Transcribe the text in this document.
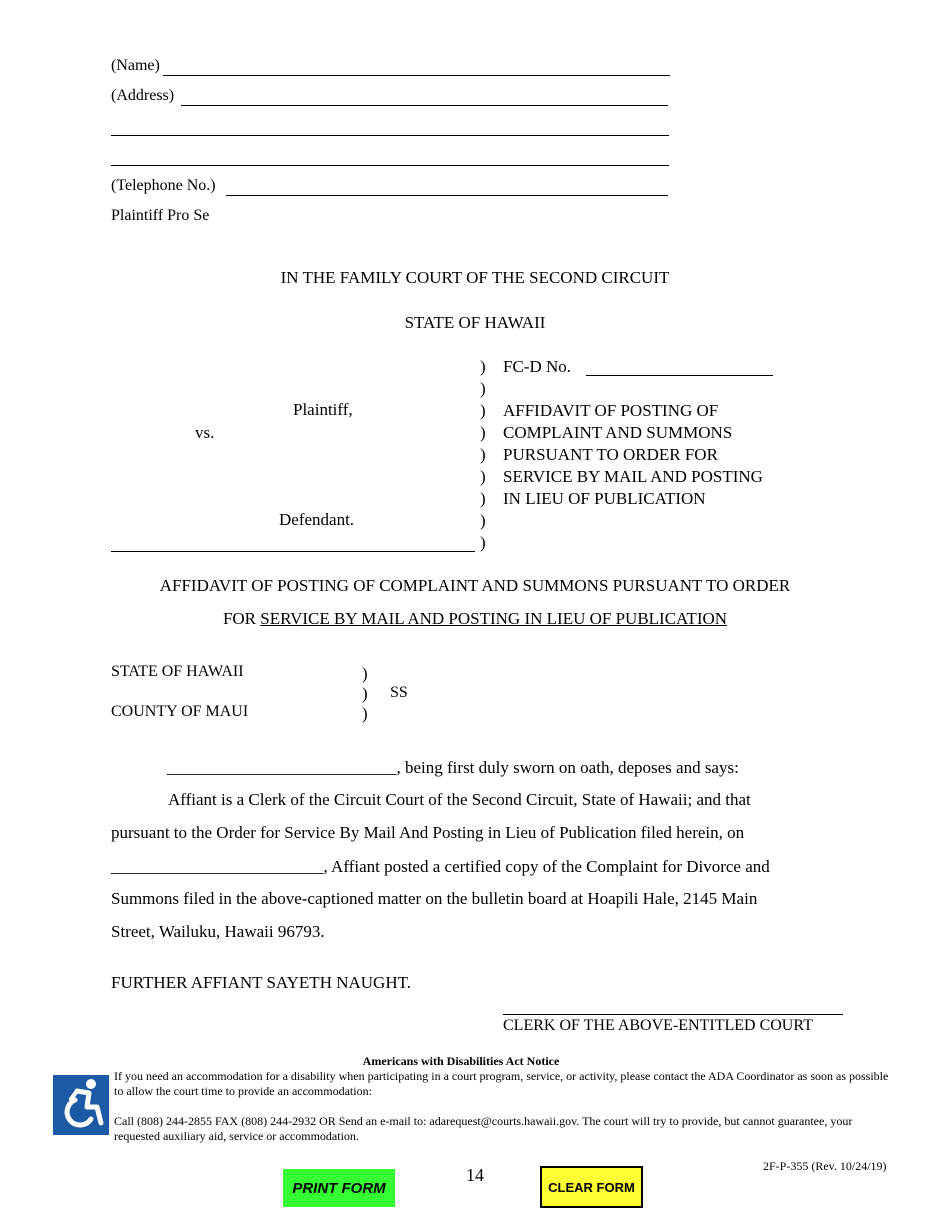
(Name)
(Address)
(Telephone No.)
Plaintiff Pro Se
IN THE FAMILY COURT OF THE SECOND CIRCUIT
STATE OF HAWAII
Plaintiff,
vs.
Defendant.
)
)
)
)
)
)
)
)
)
FC-D No.
AFFIDAVIT OF POSTING OF
COMPLAINT AND SUMMONS
PURSUANT TO ORDER FOR
SERVICE BY MAIL AND POSTING
IN LIEU OF PUBLICATION
AFFIDAVIT OF POSTING OF COMPLAINT AND SUMMONS PURSUANT TO ORDER
FOR SERVICE BY MAIL AND POSTING IN LIEU OF PUBLICATION
STATE OF HAWAII
COUNTY OF MAUI
)
)
)
SS
___________________________, being first duly sworn on oath, deposes and says:
Affiant is a Clerk of the Circuit Court of the Second Circuit, State of Hawaii; and that
pursuant to the Order for Service By Mail And Posting in Lieu of Publication filed herein, on
_________________________, Affiant posted a certified copy of the Complaint for Divorce and
Summons filed in the above-captioned matter on the bulletin board at Hoapili Hale, 2145 Main
Street, Wailuku, Hawaii 96793.
FURTHER AFFIANT SAYETH NAUGHT.
CLERK OF THE ABOVE-ENTITLED COURT
Americans with Disabilities Act Notice
If you need an accommodation for a disability when participating in a court program, service, or activity, please contact the ADA Coordinator as soon as possible to allow the court time to provide an accommodation:
Call (808) 244-2855 FAX (808) 244-2932 OR Send an e-mail to: adarequest@courts.hawaii.gov. The court will try to provide, but cannot guarantee, your requested auxiliary aid, service or accommodation.
PRINT FORM
14
CLEAR FORM
2F-P-355 (Rev. 10/24/19)
